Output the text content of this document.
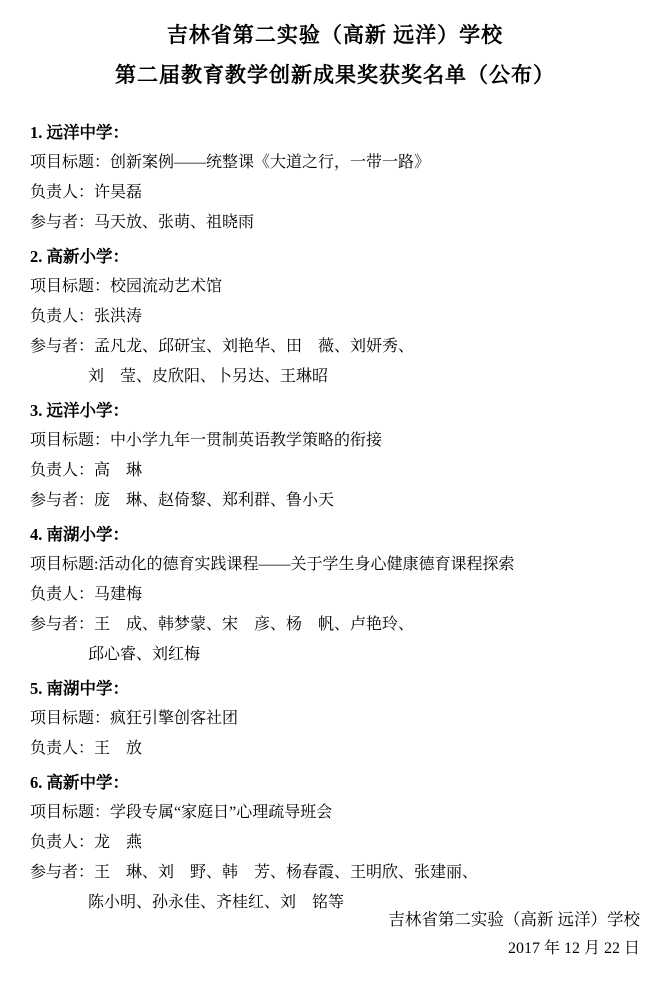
吉林省第二实验（高新 远洋）学校
第二届教育教学创新成果奖获奖名单（公布）
1. 远洋中学：
项目标题：创新案例——统整课《大道之行，一带一路》
负责人：许昊磊
参与者：马天放、张萌、祖晓雨
2. 高新小学：
项目标题：校园流动艺术馆
负责人：张洪涛
参与者：孟凡龙、邱研宝、刘艳华、田　薇、刘妍秀、
刘　莹、皮欣阳、卜另达、王琳昭
3. 远洋小学：
项目标题：中小学九年一贯制英语教学策略的衔接
负责人：高　琳
参与者：庞　琳、赵倚黎、郑利群、鲁小天
4. 南湖小学：
项目标题:活动化的德育实践课程——关于学生身心健康德育课程探索
负责人：马建梅
参与者：王　成、韩梦蒙、宋　彦、杨　帆、卢艳玲、
邱心睿、刘红梅
5. 南湖中学：
项目标题：疯狂引擎创客社团
负责人：王　放
6. 高新中学：
项目标题：学段专属“家庭日”心理疏导班会
负责人：龙　燕
参与者：王　琳、刘　野、韩　芳、杨春霞、王明欣、张建丽、
陈小明、孙永佳、齐桂红、刘　铭等
吉林省第二实验（高新 远洋）学校
2017 年 12 月 22 日
